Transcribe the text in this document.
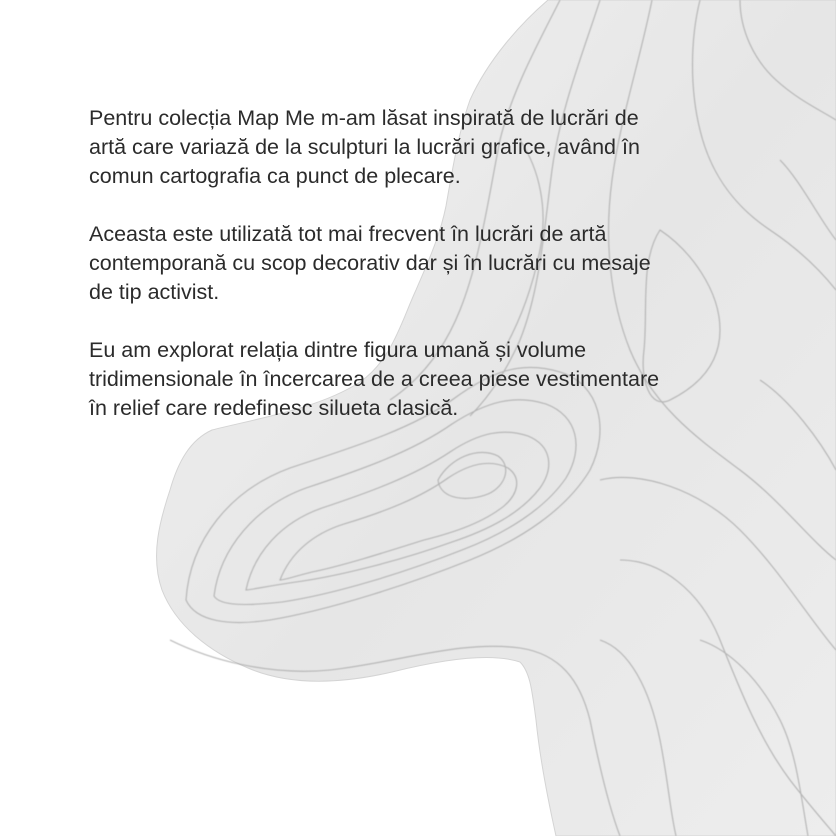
Pentru colecția Map Me m-am lăsat inspirată de lucrări de
artă care variază de la sculpturi la lucrări grafice, având în
comun cartografia ca punct de plecare.

Aceasta este utilizată tot mai frecvent în lucrări de artă
contemporană cu scop decorativ dar și în lucrări cu mesaje
de tip activist.

Eu am explorat relația dintre figura umană și volume
tridimensionale în încercarea de a creea piese vestimentare
în relief care redefinesc silueta clasică.
